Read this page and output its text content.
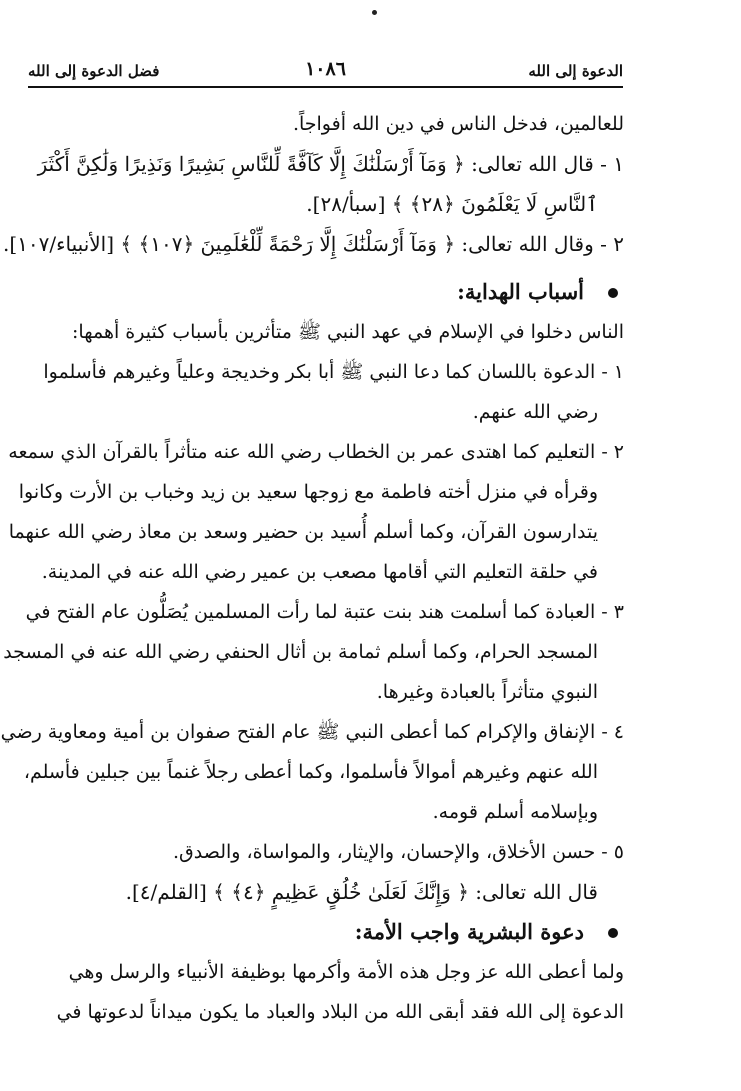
الدعوة إلى الله
١٠٨٦
فضل الدعوة إلى الله
للعالمين، فدخل الناس في دين الله أفواجاً.
١ - قال الله تعالى: ﴿ وَمَآ أَرْسَلْنَٰكَ إِلَّا كَآفَّةً لِّلنَّاسِ بَشِيرًا وَنَذِيرًا وَلَٰكِنَّ أَكْثَرَ
ٱلنَّاسِ لَا يَعْلَمُونَ ﴿٢٨﴾ ﴾ [سبأ/٢٨].
٢ - وقال الله تعالى: ﴿ وَمَآ أَرْسَلْنَٰكَ إِلَّا رَحْمَةً لِّلْعَٰلَمِينَ ﴿١٠٧﴾ ﴾ [الأنبياء/١٠٧].
أسباب الهداية:
الناس دخلوا في الإسلام في عهد النبي ﷺ متأثرين بأسباب كثيرة أهمها:
١ - الدعوة باللسان كما دعا النبي ﷺ أبا بكر وخديجة وعلياً وغيرهم فأسلموا
رضي الله عنهم.
٢ - التعليم كما اهتدى عمر بن الخطاب رضي الله عنه متأثراً بالقرآن الذي سمعه
وقرأه في منزل أخته فاطمة مع زوجها سعيد بن زيد وخباب بن الأرت وكانوا
يتدارسون القرآن، وكما أسلم أُسيد بن حضير وسعد بن معاذ رضي الله عنهما
في حلقة التعليم التي أقامها مصعب بن عمير رضي الله عنه في المدينة.
٣ - العبادة كما أسلمت هند بنت عتبة لما رأت المسلمين يُصَلُّون عام الفتح في
المسجد الحرام، وكما أسلم ثمامة بن أثال الحنفي رضي الله عنه في المسجد
النبوي متأثراً بالعبادة وغيرها.
٤ - الإنفاق والإكرام كما أعطى النبي ﷺ عام الفتح صفوان بن أمية ومعاوية رضي
الله عنهم وغيرهم أموالاً فأسلموا، وكما أعطى رجلاً غنماً بين جبلين فأسلم،
وبإسلامه أسلم قومه.
٥ - حسن الأخلاق، والإحسان، والإيثار، والمواساة، والصدق.
قال الله تعالى: ﴿ وَإِنَّكَ لَعَلَىٰ خُلُقٍ عَظِيمٍ ﴿٤﴾ ﴾ [القلم/٤].
دعوة البشرية واجب الأمة:
ولما أعطى الله عز وجل هذه الأمة وأكرمها بوظيفة الأنبياء والرسل وهي
الدعوة إلى الله فقد أبقى الله من البلاد والعباد ما يكون ميداناً لدعوتها في
